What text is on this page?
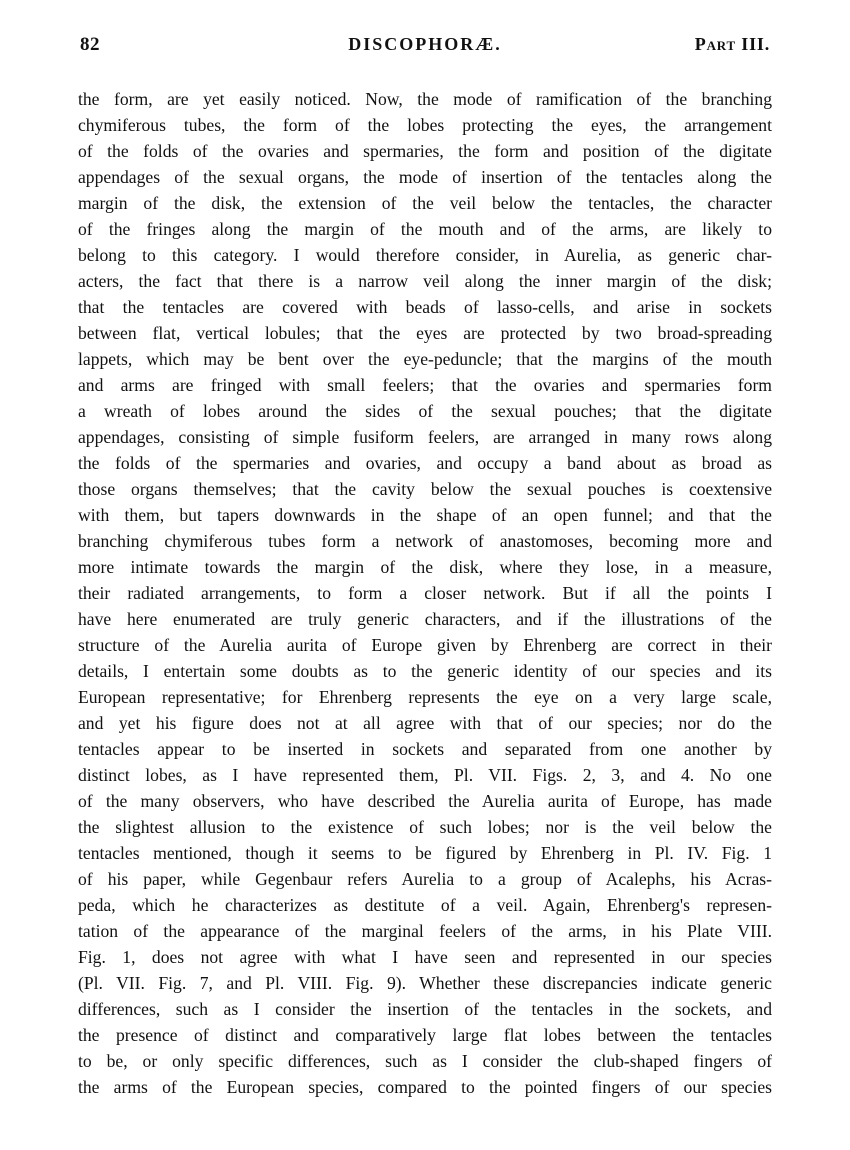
82	DISCOPHORÆ.	Part III.
the form, are yet easily noticed. Now, the mode of ramification of the branching
chymiferous tubes, the form of the lobes protecting the eyes, the arrangement
of the folds of the ovaries and spermaries, the form and position of the digitate
appendages of the sexual organs, the mode of insertion of the tentacles along the
margin of the disk, the extension of the veil below the tentacles, the character
of the fringes along the margin of the mouth and of the arms, are likely to
belong to this category. I would therefore consider, in Aurelia, as generic char-
acters, the fact that there is a narrow veil along the inner margin of the disk;
that the tentacles are covered with beads of lasso-cells, and arise in sockets
between flat, vertical lobules; that the eyes are protected by two broad-spreading
lappets, which may be bent over the eye-peduncle; that the margins of the mouth
and arms are fringed with small feelers; that the ovaries and spermaries form
a wreath of lobes around the sides of the sexual pouches; that the digitate
appendages, consisting of simple fusiform feelers, are arranged in many rows along
the folds of the spermaries and ovaries, and occupy a band about as broad as
those organs themselves; that the cavity below the sexual pouches is coextensive
with them, but tapers downwards in the shape of an open funnel; and that the
branching chymiferous tubes form a network of anastomoses, becoming more and
more intimate towards the margin of the disk, where they lose, in a measure,
their radiated arrangements, to form a closer network. But if all the points I
have here enumerated are truly generic characters, and if the illustrations of the
structure of the Aurelia aurita of Europe given by Ehrenberg are correct in their
details, I entertain some doubts as to the generic identity of our species and its
European representative; for Ehrenberg represents the eye on a very large scale,
and yet his figure does not at all agree with that of our species; nor do the
tentacles appear to be inserted in sockets and separated from one another by
distinct lobes, as I have represented them, Pl. VII. Figs. 2, 3, and 4. No one
of the many observers, who have described the Aurelia aurita of Europe, has made
the slightest allusion to the existence of such lobes; nor is the veil below the
tentacles mentioned, though it seems to be figured by Ehrenberg in Pl. IV. Fig. 1
of his paper, while Gegenbaur refers Aurelia to a group of Acalephs, his Acras-
peda, which he characterizes as destitute of a veil. Again, Ehrenberg's represen-
tation of the appearance of the marginal feelers of the arms, in his Plate VIII.
Fig. 1, does not agree with what I have seen and represented in our species
(Pl. VII. Fig. 7, and Pl. VIII. Fig. 9). Whether these discrepancies indicate generic
differences, such as I consider the insertion of the tentacles in the sockets, and
the presence of distinct and comparatively large flat lobes between the tentacles
to be, or only specific differences, such as I consider the club-shaped fingers of
the arms of the European species, compared to the pointed fingers of our species
